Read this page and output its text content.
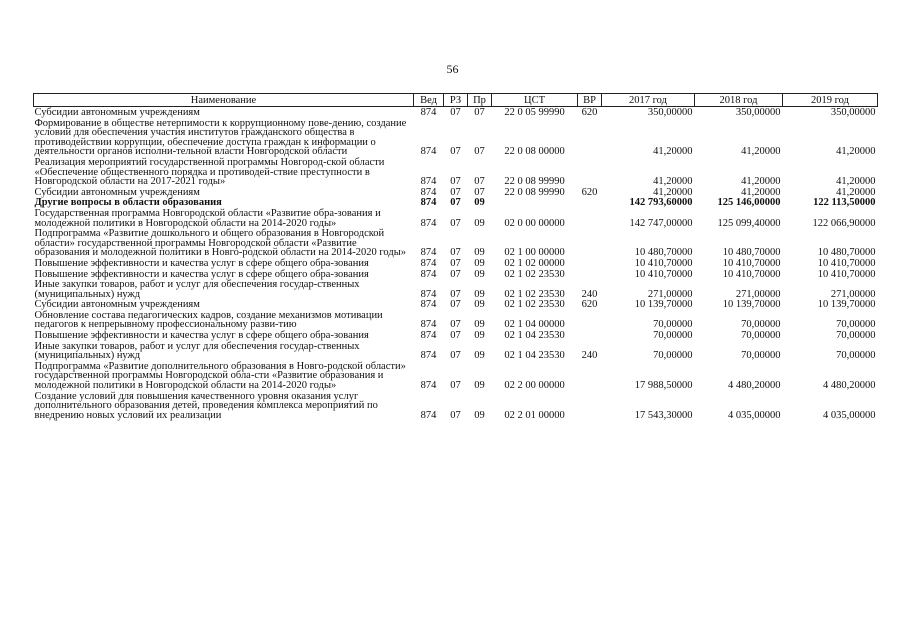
56
Наименование	Вед	РЗ	Пр	ЦСТ	ВР	2017 год	2018 год	2019 год
Субсидии автономным учреждениям	874	07	07	22 0 05 99990	620	350,00000	350,00000	350,00000
Формирование в обществе нетерпимости к коррупционному пове-дению, создание условий для обеспечения участия институтов гражданского общества в противодействии коррупции, обеспечение доступа граждан к информации о деятельности органов исполни-тельной власти Новгородской области	874	07	07	22 0 08 00000		41,20000	41,20000	41,20000
Реализация мероприятий государственной программы Новгород-ской области «Обеспечение общественного порядка и противодей-ствие преступности в Новгородской области на 2017-2021 годы»	874	07	07	22 0 08 99990		41,20000	41,20000	41,20000
Субсидии автономным учреждениям	874	07	07	22 0 08 99990	620	41,20000	41,20000	41,20000
Другие вопросы в области образования	874	07	09			142 793,60000	125 146,00000	122 113,50000
Государственная программа Новгородской области «Развитие обра-зования и молодежной политики в Новгородской области на 2014-2020 годы»	874	07	09	02 0 00 00000		142 747,00000	125 099,40000	122 066,90000
Подпрограмма «Развитие дошкольного и общего образования в Новгородской области» государственной программы Новгородской области «Развитие образования и молодежной политики в Новго-родской области на 2014-2020 годы»	874	07	09	02 1 00 00000		10 480,70000	10 480,70000	10 480,70000
Повышение эффективности и качества услуг в сфере общего обра-зования	874	07	09	02 1 02 00000		10 410,70000	10 410,70000	10 410,70000
Повышение эффективности и качества услуг в сфере общего обра-зования	874	07	09	02 1 02 23530		10 410,70000	10 410,70000	10 410,70000
Иные закупки товаров, работ и услуг для обеспечения государ-ственных (муниципальных) нужд	874	07	09	02 1 02 23530	240	271,00000	271,00000	271,00000
Субсидии автономным учреждениям	874	07	09	02 1 02 23530	620	10 139,70000	10 139,70000	10 139,70000
Обновление состава педагогических кадров, создание механизмов мотивации педагогов к непрерывному профессиональному разви-тию	874	07	09	02 1 04 00000		70,00000	70,00000	70,00000
Повышение эффективности и качества услуг в сфере общего обра-зования	874	07	09	02 1 04 23530		70,00000	70,00000	70,00000
Иные закупки товаров, работ и услуг для обеспечения государ-ственных (муниципальных) нужд	874	07	09	02 1 04 23530	240	70,00000	70,00000	70,00000
Подпрограмма «Развитие дополнительного образования в Новго-родской области» государственной программы Новгородской обла-сти «Развитие образования и молодежной политики в Новгородской области на 2014-2020 годы»	874	07	09	02 2 00 00000		17 988,50000	4 480,20000	4 480,20000
Создание условий для повышения качественного уровня оказания услуг дополнительного образования детей, проведения комплекса мероприятий по внедрению новых условий их реализации	874	07	09	02 2 01 00000		17 543,30000	4 035,00000	4 035,00000
